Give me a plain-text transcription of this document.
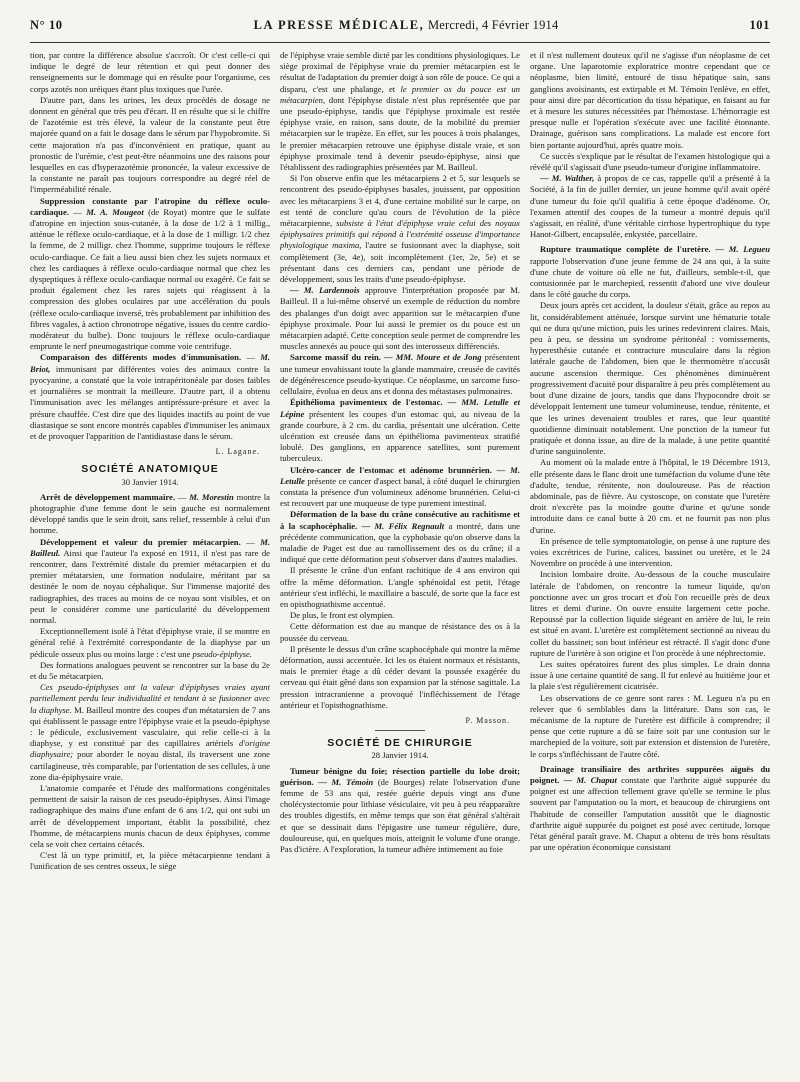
N° 10	LA PRESSE MÉDICALE, Mercredi, 4 Février 1914	101

tion, par contre la différence absolue s'accroît. Or c'est celle-ci qui indique le degré de leur rétention et qui peut donner des renseignements sur le dommage qui en résulte pour l'organisme, ces corps azotés non uréiques étant plus toxiques que l'urée.

D'autre part, dans les urines, les deux procédés de dosage ne donnent en général que très peu d'écart. Il en résulte que si le chiffre de l'azotémie est très élevé, la valeur de la constante peut être majorée quand on a fait le dosage dans le sérum par l'hypobromite. Si cette majoration n'a pas d'inconvénient en pratique, quant au pronostic de l'urémie, c'est peut-être néanmoins une des raisons pour lesquelles en cas d'hyperazotémie prononcée, la valeur excessive de la constante ne paraît pas toujours correspondre au degré réel de l'imperméabilité rénale.

Suppression constante par l'atropine du réflexe oculo-cardiaque. — M. A. Mougeot (de Royat) montre que le sulfate d'atropine en injection sous-cutanée, à la dose de 1/2 à 1 millig., atténue le réflexe oculo-cardiaque, et à la dose de 1 milligr. 1/2 chez la femme, de 2 milligr. chez l'homme, supprime toujours le réflexe oculo-cardiaque. Ce fait a lieu aussi bien chez les sujets normaux et chez les cardiaques à réflexe oculo-cardiaque normal que chez les dyspeptiques à réflexe oculo-cardiaque normal ou exagéré. Ce fait se produit également chez les rares sujets qui réagissent à la compression des globes oculaires par une accélération du pouls (réflexe oculo-cardiaque inversé, très probablement par inhibition des fibres vagales, à action chronotrope négative, issues du centre cardio-modérateur du bulbe). Donc toujours le réflexe oculo-cardiaque emprunte le nerf pneumogastrique comme voie centrifuge.

Comparaison des différents modes d'immunisation. — M. Briot, immunisant par différentes voies des animaux contre la pyocyanine, a constaté que la voie intrapéritonéale par doses faibles et journalières se montrait la meilleure. D'autre part, il a obtenu l'immunisation avec les mélanges antipréssure-présure et avec la présure chauffée. C'est dire que des liquides inactifs au point de vue diastasique se sont encore montrés capables d'immuniser les animaux et de provoquer l'apparition de l'antidiastase dans le sérum.

L. Lagane.
SOCIÉTÉ ANATOMIQUE
30 Janvier 1914.

Arrêt de développement mammaire. — M. Morestin montre la photographie d'une femme dont le sein gauche est normalement développé tandis que le sein droit, sans relief, ressemble à celui d'un homme.

Développement et valeur du premier métacarpien. — M. Bailleul. Ainsi que l'auteur l'a exposé en 1911, il n'est pas rare de rencontrer, dans l'extrémité distale du premier métacarpien et du premier métatarsien, une formation nodulaire, méritant par sa destinée le nom de noyau céphalique. Sur l'immense majorité des radiographies, des traces au moins de ce noyau sont visibles, et on peut le considérer comme une particularité du développement normal.

Exceptionnellement isolé à l'état d'épiphyse vraie, il se montre en général relié à l'extrémité correspondante de la diaphyse par un pédicule osseux plus ou moins large : c'est une pseudo-épiphyse.

Des formations analogues peuvent se rencontrer sur la base du 2e et du 5e métacarpien.

Ces pseudo-épiphyses ont la valeur d'épiphyses vraies ayant partiellement perdu leur individualité et tendant à se fusionner avec la diaphyse. M. Bailleul montre des coupes d'un métatarsien de 7 ans qui établissent le passage entre l'épiphyse vraie et la pseudo-épiphyse : le pédicule, exclusivement vasculaire, qui relie celle-ci à la diaphyse, y est constitué par des capillaires artériels d'origine diaphysaire; pour aborder le noyau distal, ils traversent une zone cartilagineuse, très comparable, par l'orientation de ses cellules, à une zone dia-épiphysaire vraie.

L'anatomie comparée et l'étude des malformations congénitales permettent de saisir la raison de ces pseudo-épiphyses. Ainsi l'image radiographique des mains d'une enfant de 6 ans 1/2, qui ont subi un arrêt de développement important, établit la possibilité, chez l'homme, de métacarpiens munis chacun de deux épiphyses, comme cela se voit chez certains cétacés.

C'est là un type primitif, et, la pièce métacarpienne tendant à l'unification de ses centres osseux, le siège

de l'épiphyse vraie semble dicté par les conditions physiologiques. Le siège proximal de l'épiphyse vraie du premier métacarpien est le résultat de l'adaptation du premier doigt à son rôle de pouce. Ce qui a disparu, c'est une phalange, et le premier os du pouce est un métacarpien, dont l'épiphyse distale n'est plus représentée que par une pseudo-épiphyse, tandis que l'épiphyse proximale est restée épiphyse vraie, en raison, sans doute, de la mobilité du premier métacarpien sur le trapèze. En effet, sur les pouces à trois phalanges, le premier métacarpien retrouve une épiphyse distale vraie, et son épiphyse proximale tend à devenir pseudo-épiphyse, ainsi que l'établissent des radiographies présentées par M. Bailleul.

Si l'on observe enfin que les métacarpiens 2 et 5, sur lesquels se rencontrent des pseudo-épiphyses basales, jouissent, par opposition avec les métacarpiens 3 et 4, d'une certaine mobilité sur le carpe, on est tenté de conclure qu'au cours de l'évolution de la pièce métacarpienne, subsiste à l'état d'épiphyse vraie celui des noyaux épiphysaires primitifs qui répond à l'extrémité osseuse d'importance physiologique maxima, l'autre se fusionnant avec la diaphyse, soit complètement (3e, 4e), soit incomplètement (1er, 2e, 5e) et se présentant dans ces derniers cas, pendant une période de développement, sous les traits d'une pseudo-épiphyse.

— M. Lardennois approuve l'interprétation proposée par M. Bailleul. Il a lui-même observé un exemple de réduction du nombre des phalanges d'un doigt avec apparition sur le métacarpien d'une épiphyse proximale. Pour lui aussi le premier os du pouce est un métacarpien adapté. Cette conception seule permet de comprendre les muscles annexés au pouce qui sont des interosseux différenciés.

Sarcome massif du rein. — MM. Moure et de Jong présentent une tumeur envahissant toute la glande mammaire, creusée de cavités de dégénérescence pseudo-kystique. Ce néoplasme, un sarcome fuso-cellulaire, évolua en deux ans et donna des métastases pulmonaires.

Épithélioma pavimenteux de l'estomac. — MM. Letulle et Lépine présentent les coupes d'un estomac qui, au niveau de la grande courbure, à 2 cm. du cardia, présentait une ulcération. Cette ulcération est creusée dans un épithélioma pavimenteux stratifié lobulé. Des ganglions, en apparence satellites, sont purement tuberculeux.

Ulcéro-cancer de l'estomac et adénome brunnérien. — M. Letulle présente ce cancer d'aspect banal, à côté duquel le chirurgien constata la présence d'un volumineux adénome brunnérien. Celui-ci est recouvert par une muqueuse de type purement intestinal.

Déformation de la base du crâne consécutive au rachitisme et à la scaphocéphalie. — M. Félix Regnault a montré, dans une précédente communication, que la cyphobasie qu'on observe dans la maladie de Paget est due au ramollissement des os du crâne; il a indiqué que cette déformation peut s'observer dans d'autres maladies.

Il présente le crâne d'un enfant rachitique de 4 ans environ qui offre la même déformation. L'angle sphénoïdal est petit, l'étage antérieur s'est infléchi, le maxillaire a basculé, de sorte que la face est en opisthognathisme accentué.

De plus, le front est olympien.

Cette déformation est due au manque de résistance des os à la poussée du cerveau.

Il présente le dessus d'un crâne scaphocéphale qui montre la même déformation, aussi accentuée. Ici les os étaient normaux et résistants, mais le premier étage a dû céder devant la poussée exagérée du cerveau qui était gêné dans son expansion par la sténose sagittale. La pression intracranienne a provoqué l'infléchissement de l'étage antérieur et l'opisthognathisme.

P. Masson.
SOCIÉTÉ DE CHIRURGIE
28 Janvier 1914.

Tumeur bénigne du foie; résection partielle du lobe droit; guérison. — M. Témoin (de Bourges) relate l'observation d'une femme de 53 ans qui, restée guérie depuis vingt ans d'une cholécystectomie pour lithiase vésiculaire, vit peu à peu réapparaître des troubles digestifs, en même temps que son état général s'altérait et que se dessinait dans l'épigastre une tumeur régulière, dure, douloureuse, qui, en quelques mois, atteignit le volume d'une orange. Pas d'ictère. A l'exploration, la tumeur adhère intimement au foie

et il n'est nullement douteux qu'il ne s'agisse d'un néoplasme de cet organe. Une laparotomie exploratrice montre cependant que ce néoplasme, bien limité, entouré de tissu hépatique sain, sans ganglions avoisinants, est extirpable et M. Témoin l'enlève, en effet, pour ainsi dire par décortication du tissu hépatique, en faisant au fur et à mesure les sutures nécessitées par l'hémostase. L'hémorragie est presque nulle et l'opération s'exécute avec une facilité étonnante. Drainage, guérison sans complications. La malade est encore fort bien portante aujourd'hui, après quatre mois.

Ce succès s'explique par le résultat de l'examen histologique qui a révélé qu'il s'agissait d'une pseudo-tumeur d'origine inflammatoire.

— M. Walther, à propos de ce cas, rappelle qu'il a présenté à la Société, à la fin de juillet dernier, un jeune homme qu'il avait opéré d'une tumeur du foie qu'il qualifia à cette époque d'adénome. Or, l'examen attentif des coupes de la tumeur a montré depuis qu'il s'agissait, en réalité, d'une véritable cirrhose hypertrophique du type Hanot-Gilbert, encapsulée, enkystée, parcellaire.

Rupture traumatique complète de l'uretère. — M. Legueu rapporte l'observation d'une jeune femme de 24 ans qui, à la suite d'une chute de voiture où elle ne fut, d'ailleurs, semble-t-il, que contusionnée par le marchepied, ressentit d'abord une vive douleur dans le côté gauche du corps.

Deux jours après cet accident, la douleur s'était, grâce au repos au lit, considérablement atténuée, lorsque survint une hématurie totale qui ne dura qu'une miction, puis les urines redevinrent claires. Mais, peu à peu, se dessina un syndrome péritonéal : vomissements, hyperesthésie cutanée et contracture musculaire dans la région latérale gauche de l'abdomen, bien que le thermomètre n'accusât aucune ascension thermique. Ces phénomènes diminuèrent progressivement d'acuité pour disparaître à peu près complètement au bout d'une dizaine de jours, tandis que dans l'hypocondre droit se développait lentement une tumeur volumineuse, tendue, rénitente, et que les urines devenaient troubles et rares, que leur quantité quotidienne diminuait notablement. Une ponction de la tumeur fut pratiquée et donna issue, au dire de la malade, à une petite quantité d'urine sanguinolente.

Au moment où la malade entre à l'hôpital, le 19 Décembre 1913, elle présente dans le flanc droit une tuméfaction du volume d'une tête d'adulte, tendue, rénitente, non douloureuse. Pas de réaction abdominale, pas de fièvre. Au cystoscope, on constate que l'uretère droit n'excrète pas la moindre goutte d'urine et qu'une sonde introduite dans ce canal butte à 20 cm. et ne fournit pas non plus d'urine.

En présence de telle symptomatologie, on pense à une rupture des voies excrétrices de l'urine, calices, bassinet ou uretère, et le 24 Novembre on procède à une intervention.

Incision lombaire droite. Au-dessous de la couche musculaire latérale de l'abdomen, on rencontre la tumeur liquide, qu'on ponctionne avec un gros trocart et d'où l'on recueille près de deux litres et demi d'urine. On ouvre ensuite largement cette poche. Repoussé par la collection liquide siégeant en arrière de lui, le rein est situé en avant. L'uretère est complètement sectionné au niveau du collet du bassinet; son bout inférieur est rétracté. Il s'agit donc d'une rupture de l'uretère à son origine et l'on procède à une néphrectomie.

Les suites opératoires furent des plus simples. Le drain donna issue à une certaine quantité de sang. Il fut enlevé au huitième jour et la plaie s'est régulièrement cicatrisée.

Les observations de ce genre sont rares : M. Legueu n'a pu en relever que 6 semblables dans la littérature. Dans son cas, le mécanisme de la rupture de l'uretère est difficile à comprendre; il pense que cette rupture a dû se faire soit par une contusion sur le marchepied de la voiture, soit par extension et distension de l'uretère, le corps s'infléchissant de l'autre côté.

Drainage transiliaire des arthrites suppurées aiguës du poignet. — M. Chaput constate que l'arthrite aiguë suppurée du poignet est une affection tellement grave qu'elle se termine le plus souvent par l'amputation ou la mort, et beaucoup de chirurgiens ont l'habitude de conseiller l'amputation aussitôt que le diagnostic d'arthrite aiguë suppurée du poignet est posé avec certitude, lorsque l'état général paraît grave. M. Chaput a obtenu de très bons résultats par une opération économique consistant
